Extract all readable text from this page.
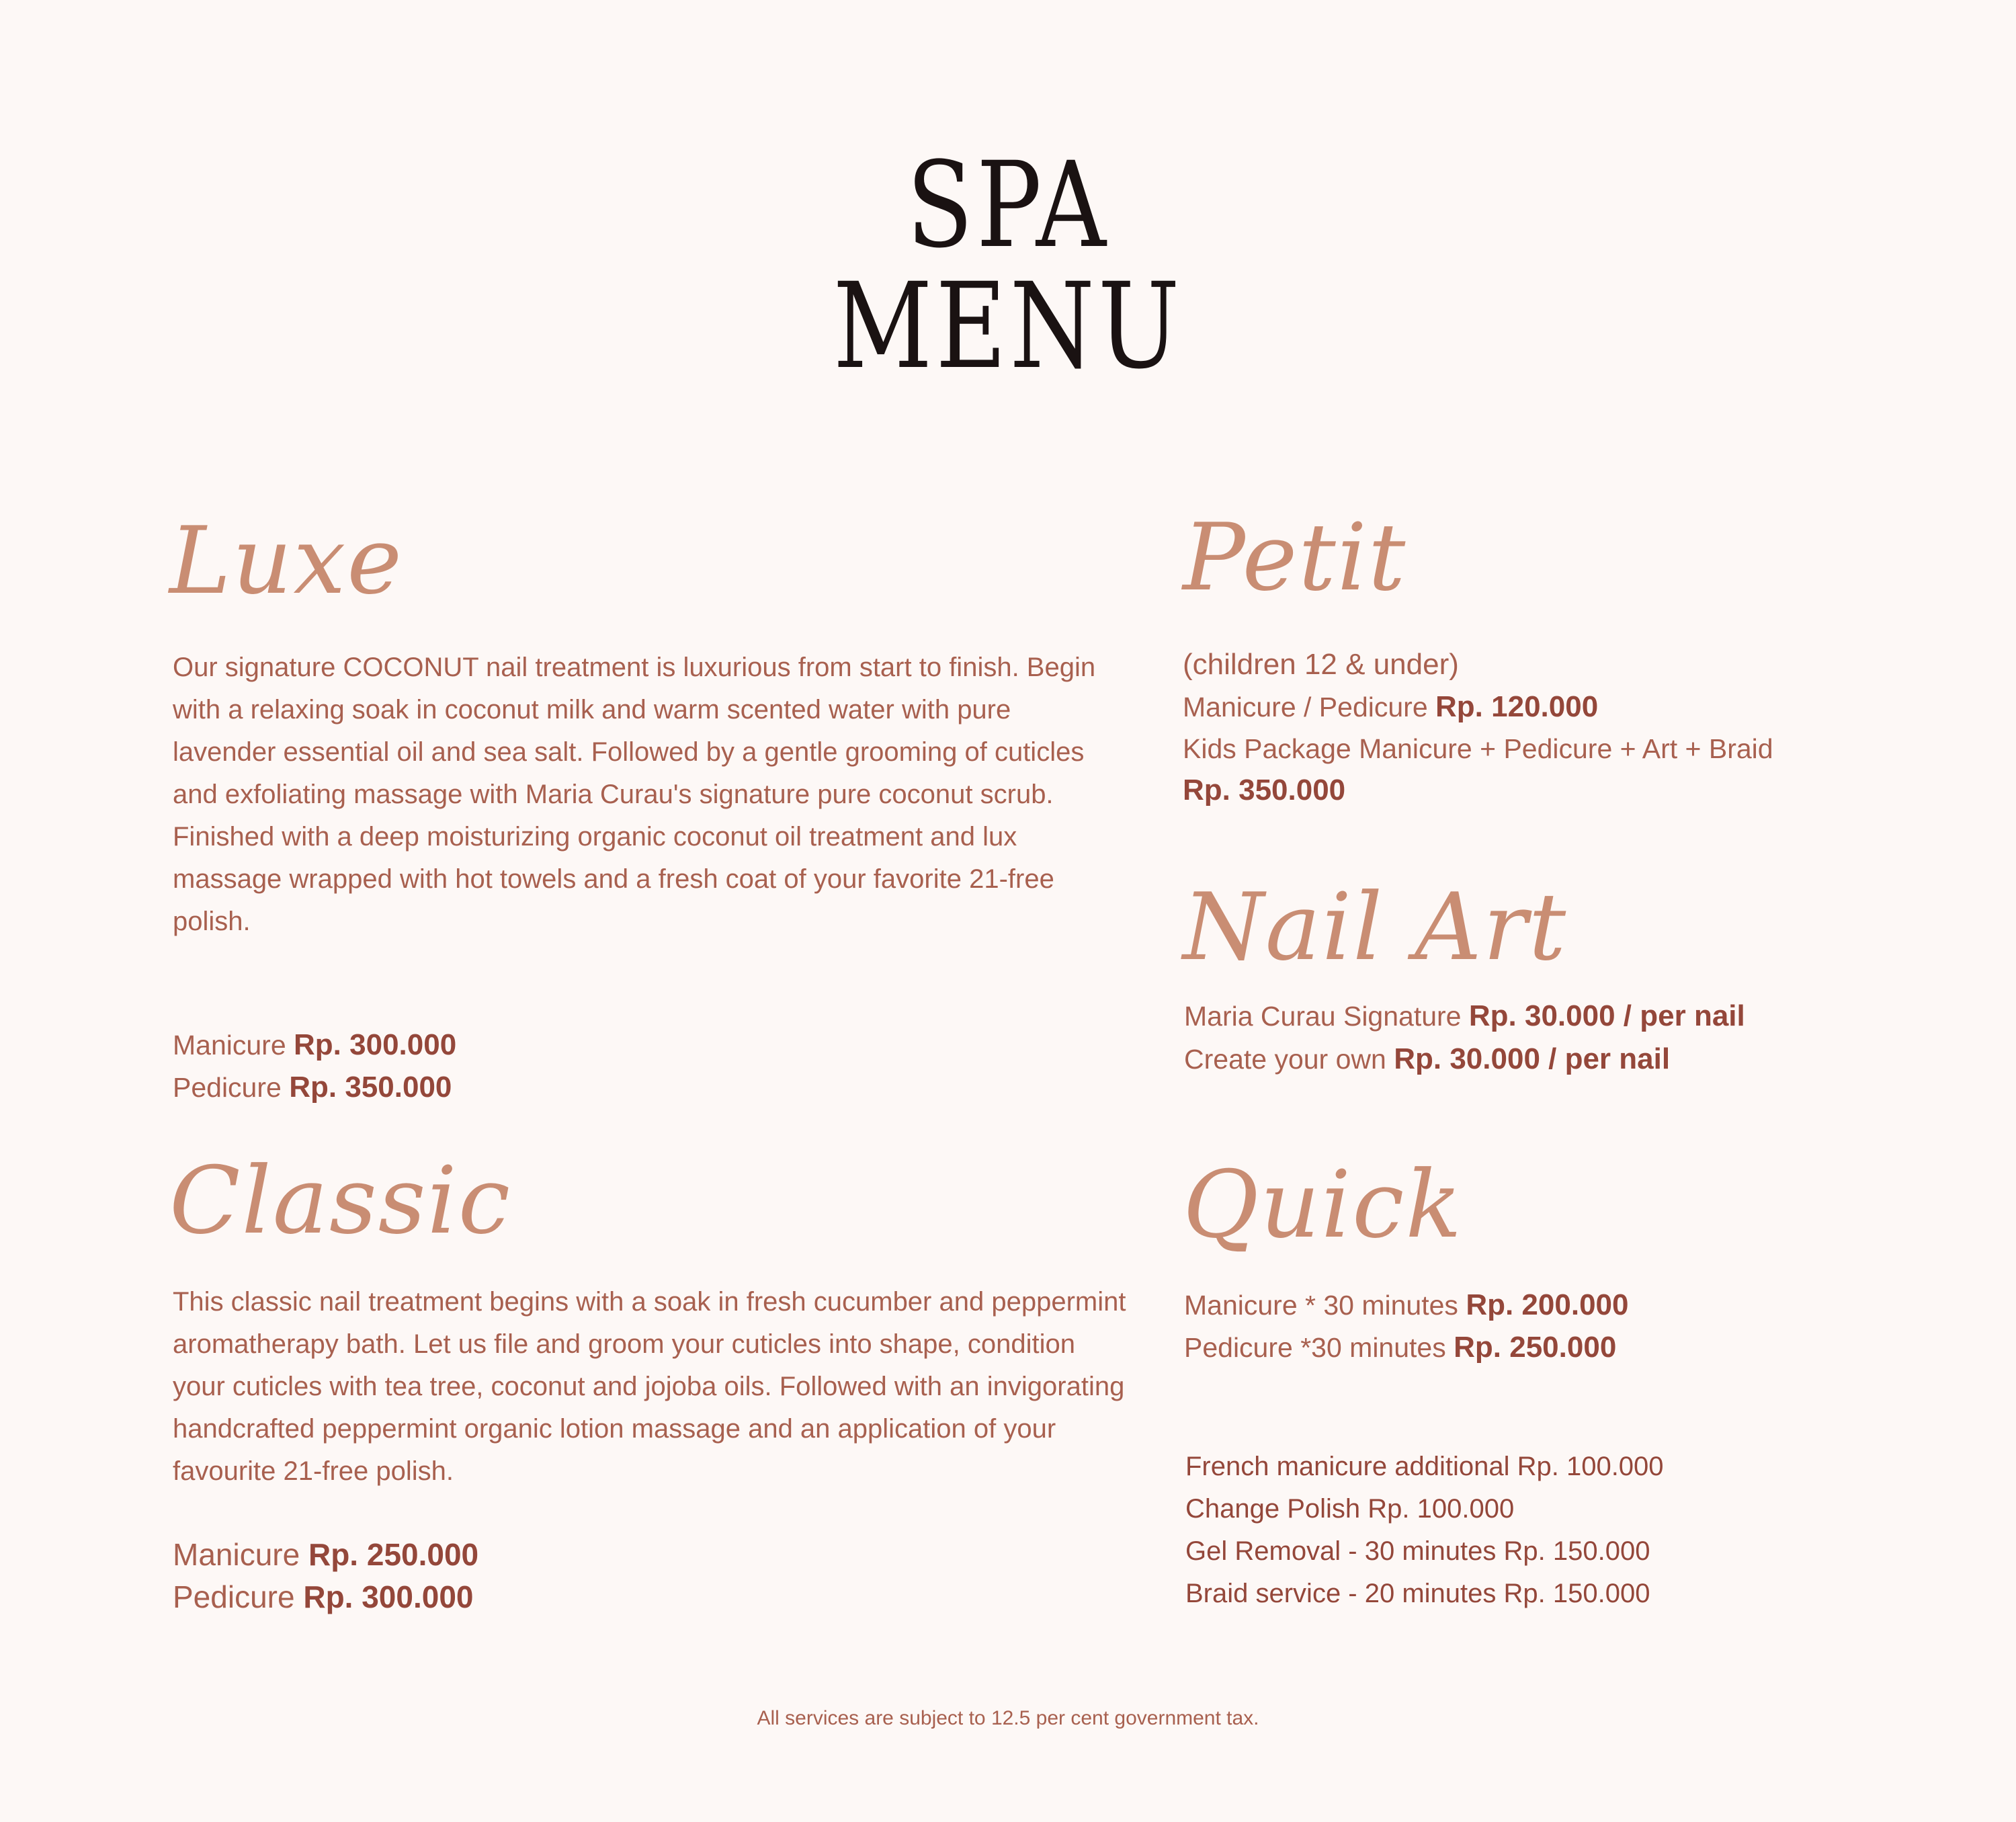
SPA
MENU
Luxe
Our signature COCONUT nail treatment is luxurious from start to finish. Begin with a relaxing soak in coconut milk and warm scented water with pure lavender essential oil and sea salt. Followed by a gentle grooming of cuticles and exfoliating massage with Maria Curau's signature pure coconut scrub. Finished with a deep moisturizing organic coconut oil treatment and lux massage wrapped with hot towels and a fresh coat of your favorite 21-free polish.
Manicure Rp. 300.000
Pedicure Rp. 350.000
Classic
This classic nail treatment begins with a soak in fresh cucumber and peppermint aromatherapy bath. Let us file and groom your cuticles into shape, condition your cuticles with tea tree, coconut and jojoba oils. Followed with an invigorating handcrafted peppermint organic lotion massage and an application of your favourite 21-free polish.
Manicure Rp. 250.000
Pedicure Rp. 300.000
Petit
(children 12 & under)
Manicure / Pedicure Rp. 120.000
Kids Package Manicure + Pedicure + Art + Braid
Rp. 350.000
Nail Art
Maria Curau Signature Rp. 30.000 / per nail
Create your own Rp. 30.000 / per nail
Quick
Manicure * 30 minutes Rp. 200.000
Pedicure *30 minutes Rp. 250.000
French manicure additional Rp. 100.000
Change Polish Rp. 100.000
Gel Removal - 30 minutes Rp. 150.000
Braid service - 20 minutes Rp. 150.000
All services are subject to 12.5 per cent government tax.
